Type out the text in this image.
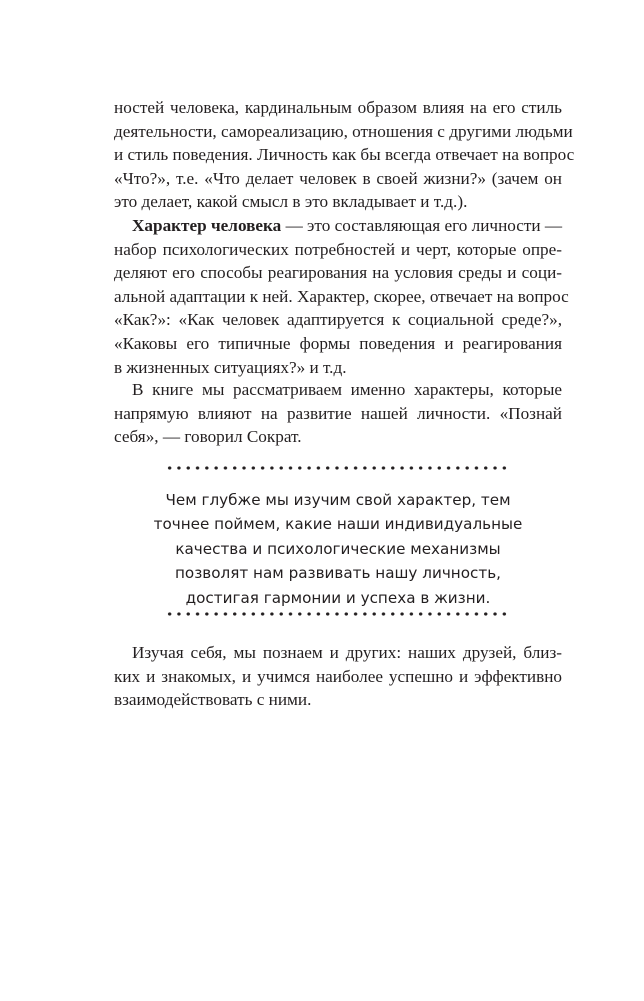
ностей человека, кардинальным образом влияя на его стиль
деятельности, самореализацию, отношения с другими людьми
и стиль поведения. Личность как бы всегда отвечает на вопрос
«Что?», т.е. «Что делает человек в своей жизни?» (зачем он
это делает, какой смысл в это вкладывает и т.д.).
Характер человека — это составляющая его личности —
набор психологических потребностей и черт, которые опре-
деляют его способы реагирования на условия среды и соци-
альной адаптации к ней. Характер, скорее, отвечает на вопрос
«Как?»: «Как человек адаптируется к социальной среде?»,
«Каковы его типичные формы поведения и реагирования
в жизненных ситуациях?» и т.д.
В книге мы рассматриваем именно характеры, которые
напрямую влияют на развитие нашей личности. «Познай
себя», — говорил Сократ.
Чем глубже мы изучим свой характер, тем
точнее поймем, какие наши индивидуальные
качества и психологические механизмы
позволят нам развивать нашу личность,
достигая гармонии и успеха в жизни.
Изучая себя, мы познаем и других: наших друзей, близ-
ких и знакомых, и учимся наиболее успешно и эффективно
взаимодействовать с ними.
